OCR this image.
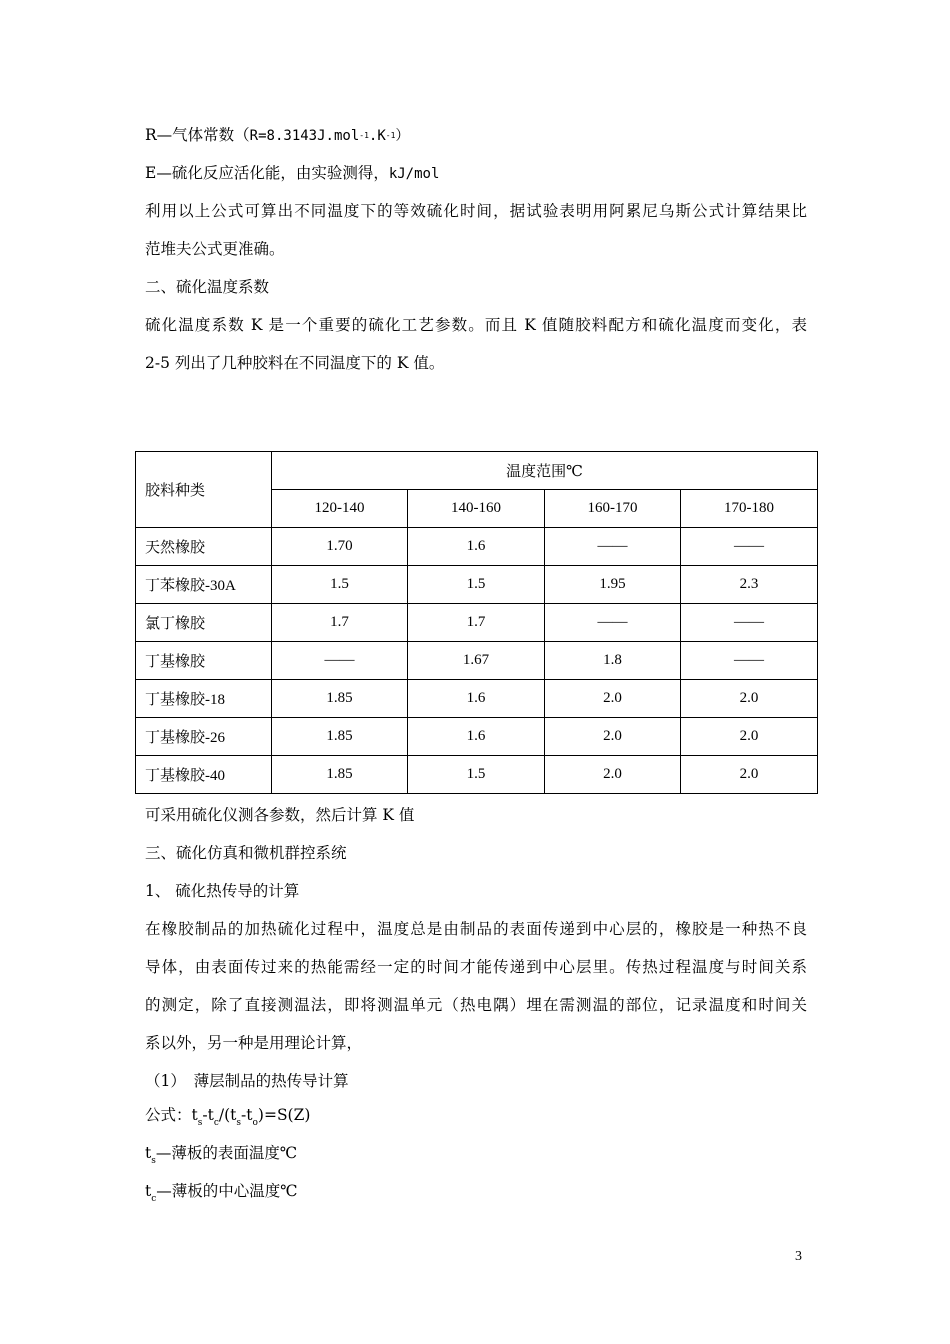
R—气体常数（R=8.3143J.mol-1.K-1）
E—硫化反应活化能，由实验测得，kJ/mol
利用以上公式可算出不同温度下的等效硫化时间，据试验表明用阿累尼乌斯公式计算结果比
范堆夫公式更准确。
二、硫化温度系数
硫化温度系数 K 是一个重要的硫化工艺参数。而且 K 值随胶料配方和硫化温度而变化，表
2-5 列出了几种胶料在不同温度下的 K 值。
胶料种类	温度范围℃			
	120-140	140-160	160-170	170-180
天然橡胶	1.70	1.6	——	——
丁苯橡胶-30A	1.5	1.5	1.95	2.3
氯丁橡胶	1.7	1.7	——	——
丁基橡胶	——	1.67	1.8	——
丁基橡胶-18	1.85	1.6	2.0	2.0
丁基橡胶-26	1.85	1.6	2.0	2.0
丁基橡胶-40	1.85	1.5	2.0	2.0
可采用硫化仪测各参数，然后计算 K 值
三、硫化仿真和微机群控系统
1、 硫化热传导的计算
在橡胶制品的加热硫化过程中，温度总是由制品的表面传递到中心层的，橡胶是一种热不良
导体，由表面传过来的热能需经一定的时间才能传递到中心层里。传热过程温度与时间关系
的测定，除了直接测温法，即将测温单元（热电隅）埋在需测温的部位，记录温度和时间关
系以外，另一种是用理论计算，
（1）　薄层制品的热传导计算
公式：$t_s-t_c/(t_s-t_o)=S(Z)$
$t_s—$薄板的表面温度℃
$t_c—$薄板的中心温度℃
3
